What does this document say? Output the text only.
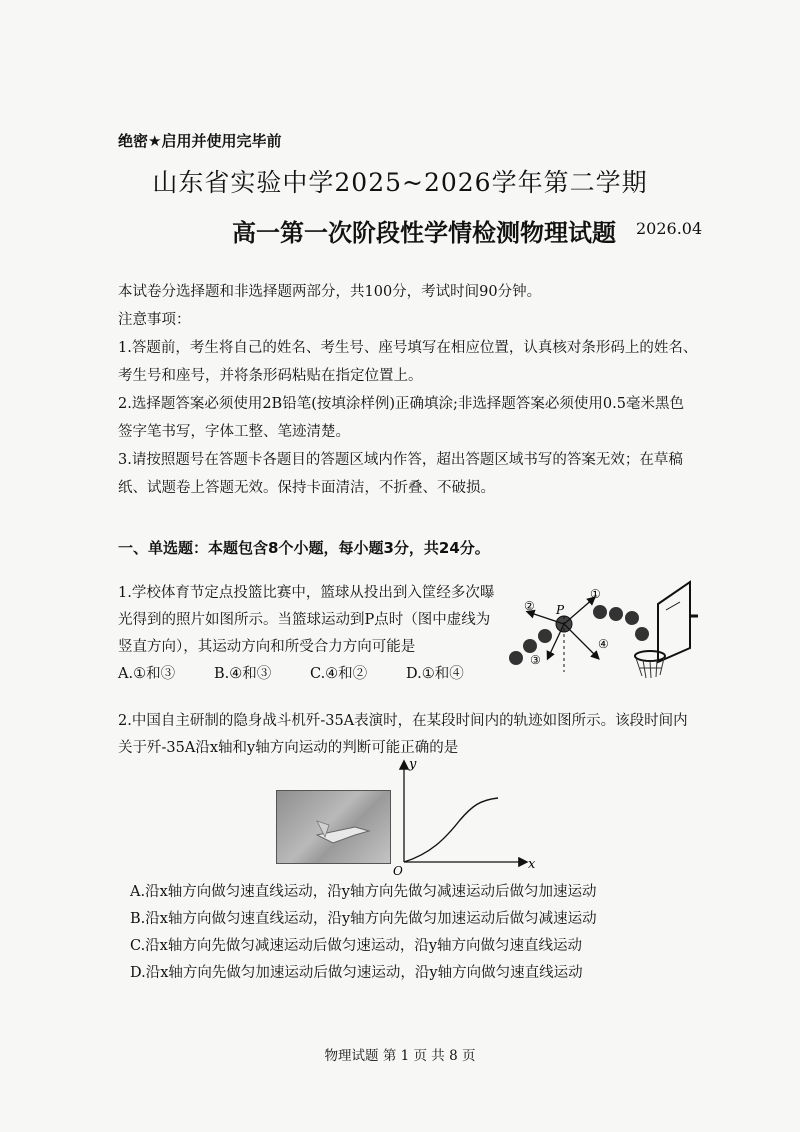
绝密★启用并使用完毕前
山东省实验中学2025~2026学年第二学期
高一第一次阶段性学情检测物理试题 2026.04

本试卷分选择题和非选择题两部分，共100分，考试时间90分钟。

注意事项：

1.答题前，考生将自己的姓名、考生号、座号填写在相应位置，认真核对条形码上的姓名、考生号和座号，并将条形码粘贴在指定位置上。

2.选择题答案必须使用2B铅笔(按填涂样例)正确填涂;非选择题答案必须使用0.5毫米黑色签字笔书写，字体工整、笔迹清楚。

3.请按照题号在答题卡各题目的答题区域内作答，超出答题区域书写的答案无效；在草稿纸、试题卷上答题无效。保持卡面清洁，不折叠、不破损。

一、单选题：本题包含8个小题，每小题3分，共24分。

1.学校体育节定点投篮比赛中，篮球从投出到入筐经多次曝光得到的照片如图所示。当篮球运动到P点时（图中虚线为竖直方向），其运动方向和所受合力方向可能是

A.①和③	B.④和③	C.④和②	D.①和④

P
①
②
③
④

2.中国自主研制的隐身战斗机歼-35A表演时，在某段时间内的轨迹如图所示。该段时间内关于歼-35A沿x轴和y轴方向运动的判断可能正确的是

y
x
O

A.沿x轴方向做匀速直线运动，沿y轴方向先做匀减速运动后做匀加速运动

B.沿x轴方向做匀速直线运动，沿y轴方向先做匀加速运动后做匀减速运动

C.沿x轴方向先做匀减速运动后做匀速运动，沿y轴方向做匀速直线运动

D.沿x轴方向先做匀加速运动后做匀速运动，沿y轴方向做匀速直线运动

物理试题 第 1 页 共 8 页
